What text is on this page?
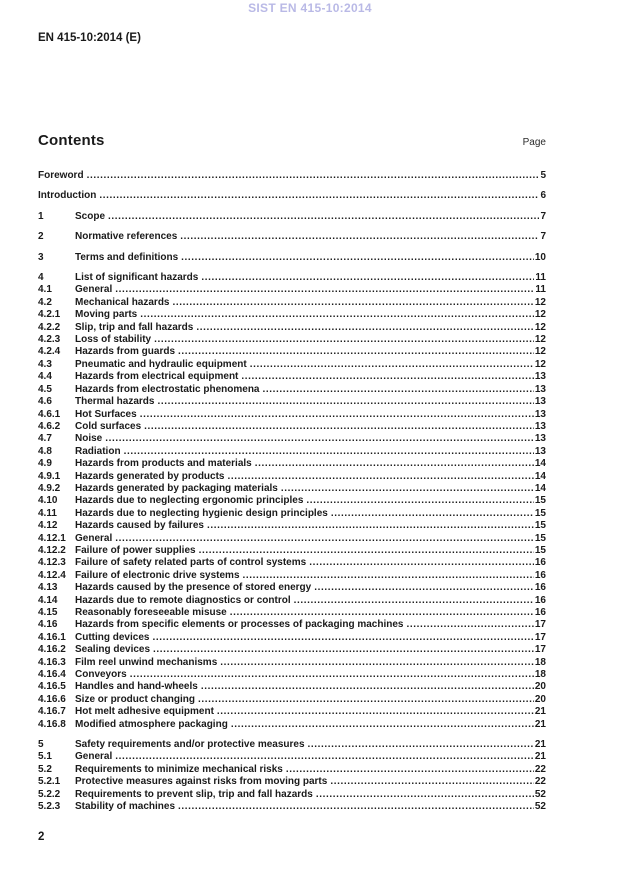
SIST EN 415-10:2014
EN 415-10:2014 (E)
Contents	Page
Foreword .....	5
Introduction .....	6
1	Scope .....	7
2	Normative references .....	7
3	Terms and definitions .....	10
4	List of significant hazards .....	11
4.1	General .....	11
4.2	Mechanical hazards .....	12
4.2.1	Moving parts .....	12
4.2.2	Slip, trip and fall hazards .....	12
4.2.3	Loss of stability .....	12
4.2.4	Hazards from guards .....	12
4.3	Pneumatic and hydraulic equipment .....	12
4.4	Hazards from electrical equipment .....	13
4.5	Hazards from electrostatic phenomena .....	13
4.6	Thermal hazards .....	13
4.6.1	Hot Surfaces .....	13
4.6.2	Cold surfaces .....	13
4.7	Noise .....	13
4.8	Radiation .....	13
4.9	Hazards from products and materials .....	14
4.9.1	Hazards generated by products .....	14
4.9.2	Hazards generated by packaging materials .....	14
4.10	Hazards due to neglecting ergonomic principles .....	15
4.11	Hazards due to neglecting hygienic design principles .....	15
4.12	Hazards caused by failures .....	15
4.12.1 General .....	15
4.12.2 Failure of power supplies .....	15
4.12.3 Failure of safety related parts of control systems .....	16
4.12.4 Failure of electronic drive systems .....	16
4.13	Hazards caused by the presence of stored energy .....	16
4.14	Hazards due to remote diagnostics or control .....	16
4.15	Reasonably foreseeable misuse .....	16
4.16	Hazards from specific elements or processes of packaging machines .....	17
4.16.1 Cutting devices .....	17
4.16.2 Sealing devices .....	17
4.16.3 Film reel unwind mechanisms .....	18
4.16.4 Conveyors .....	18
4.16.5 Handles and hand-wheels .....	20
4.16.6 Size or product changing .....	20
4.16.7 Hot melt adhesive equipment .....	21
4.16.8 Modified atmosphere packaging .....	21
5	Safety requirements and/or protective measures .....	21
5.1	General .....	21
5.2	Requirements to minimize mechanical risks .....	22
5.2.1	Protective measures against risks from moving parts .....	22
5.2.2	Requirements to prevent slip, trip and fall hazards .....	52
5.2.3	Stability of machines .....	52
2
